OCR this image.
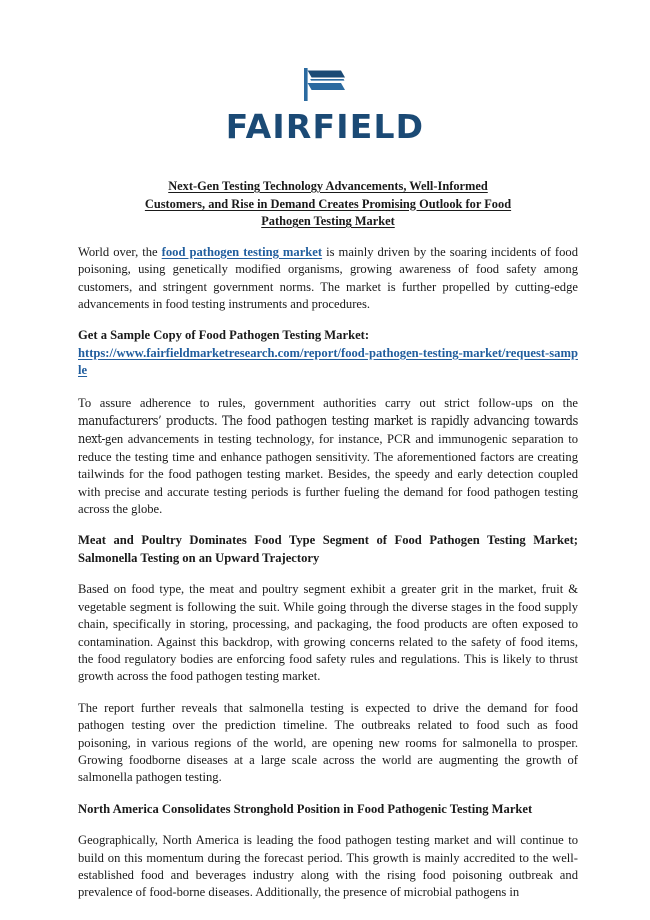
FAIRFIELD
Next-Gen Testing Technology Advancements, Well-Informed
Customers, and Rise in Demand Creates Promising Outlook for Food
Pathogen Testing Market

World over, the food pathogen testing market is mainly driven by the soaring incidents of food poisoning, using genetically modified organisms, growing awareness of food safety among customers, and stringent government norms. The market is further propelled by cutting-edge advancements in food testing instruments and procedures.

Get a Sample Copy of Food Pathogen Testing Market:

https://www.fairfieldmarketresearch.com/report/food-pathogen-testing-market/request-sample

To assure adherence to rules, government authorities carry out strict follow-ups on the manufacturers’ products. The food pathogen testing market is rapidly advancing towards next-gen advancements in testing technology, for instance, PCR and immunogenic separation to reduce the testing time and enhance pathogen sensitivity. The aforementioned factors are creating tailwinds for the food pathogen testing market. Besides, the speedy and early detection coupled with precise and accurate testing periods is further fueling the demand for food pathogen testing across the globe.

Meat and Poultry Dominates Food Type Segment of Food Pathogen Testing Market; Salmonella Testing on an Upward Trajectory

Based on food type, the meat and poultry segment exhibit a greater grit in the market, fruit & vegetable segment is following the suit. While going through the diverse stages in the food supply chain, specifically in storing, processing, and packaging, the food products are often exposed to contamination. Against this backdrop, with growing concerns related to the safety of food items, the food regulatory bodies are enforcing food safety rules and regulations. This is likely to thrust growth across the food pathogen testing market.

The report further reveals that salmonella testing is expected to drive the demand for food pathogen testing over the prediction timeline. The outbreaks related to food such as food poisoning, in various regions of the world, are opening new rooms for salmonella to prosper. Growing foodborne diseases at a large scale across the world are augmenting the growth of salmonella pathogen testing.

North America Consolidates Stronghold Position in Food Pathogenic Testing Market

Geographically, North America is leading the food pathogen testing market and will continue to build on this momentum during the forecast period. This growth is mainly accredited to the well-established food and beverages industry along with the rising food poisoning outbreak and prevalence of food-borne diseases. Additionally, the presence of microbial pathogens in
